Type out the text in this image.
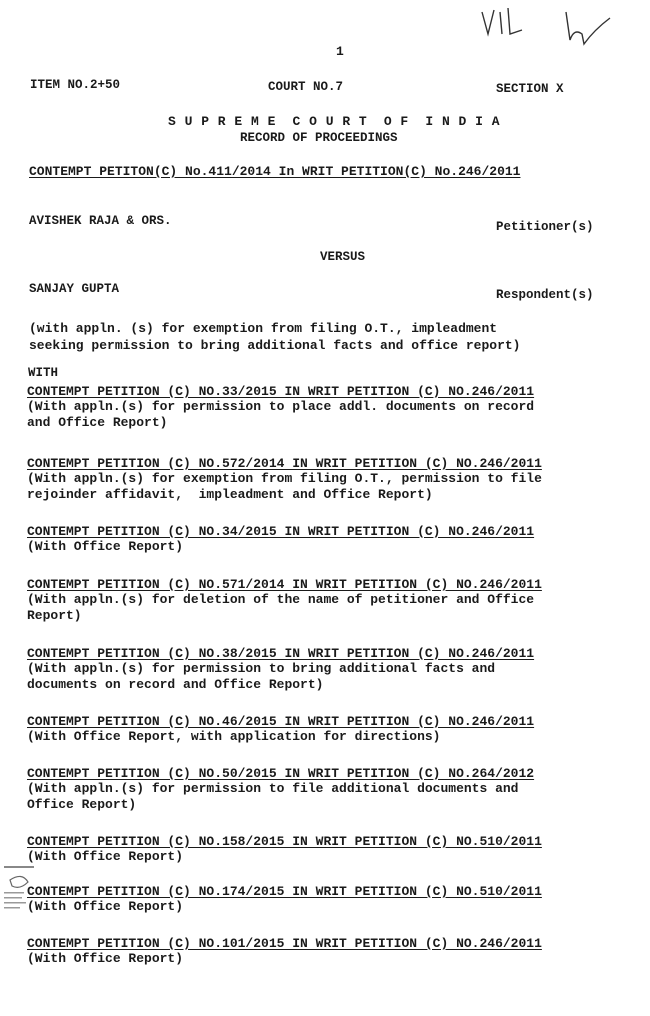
1
ITEM NO.2+50	COURT NO.7	SECTION X
S U P R E M E  C O U R T  O F  I N D I A
RECORD OF PROCEEDINGS
CONTEMPT PETITON(C) No.411/2014 In WRIT PETITION(C) No.246/2011
AVISHEK RAJA & ORS.	Petitioner(s)
VERSUS
SANJAY GUPTA	Respondent(s)
(with appln. (s) for exemption from filing O.T., impleadment
seeking permission to bring additional facts and office report)
WITH
CONTEMPT PETITION (C) NO.33/2015 IN WRIT PETITION (C) NO.246/2011
(With appln.(s) for permission to place addl. documents on record
and Office Report)
CONTEMPT PETITION (C) NO.572/2014 IN WRIT PETITION (C) NO.246/2011
(With appln.(s) for exemption from filing O.T., permission to file
rejoinder affidavit,  impleadment and Office Report)
CONTEMPT PETITION (C) NO.34/2015 IN WRIT PETITION (C) NO.246/2011
(With Office Report)
CONTEMPT PETITION (C) NO.571/2014 IN WRIT PETITION (C) NO.246/2011
(With appln.(s) for deletion of the name of petitioner and Office
Report)
CONTEMPT PETITION (C) NO.38/2015 IN WRIT PETITION (C) NO.246/2011
(With appln.(s) for permission to bring additional facts and
documents on record and Office Report)
CONTEMPT PETITION (C) NO.46/2015 IN WRIT PETITION (C) NO.246/2011
(With Office Report, with application for directions)
CONTEMPT PETITION (C) NO.50/2015 IN WRIT PETITION (C) NO.264/2012
(With appln.(s) for permission to file additional documents and
Office Report)
CONTEMPT PETITION (C) NO.158/2015 IN WRIT PETITION (C) NO.510/2011
(With Office Report)
CONTEMPT PETITION (C) NO.174/2015 IN WRIT PETITION (C) NO.510/2011
(With Office Report)
CONTEMPT PETITION (C) NO.101/2015 IN WRIT PETITION (C) NO.246/2011
(With Office Report)
